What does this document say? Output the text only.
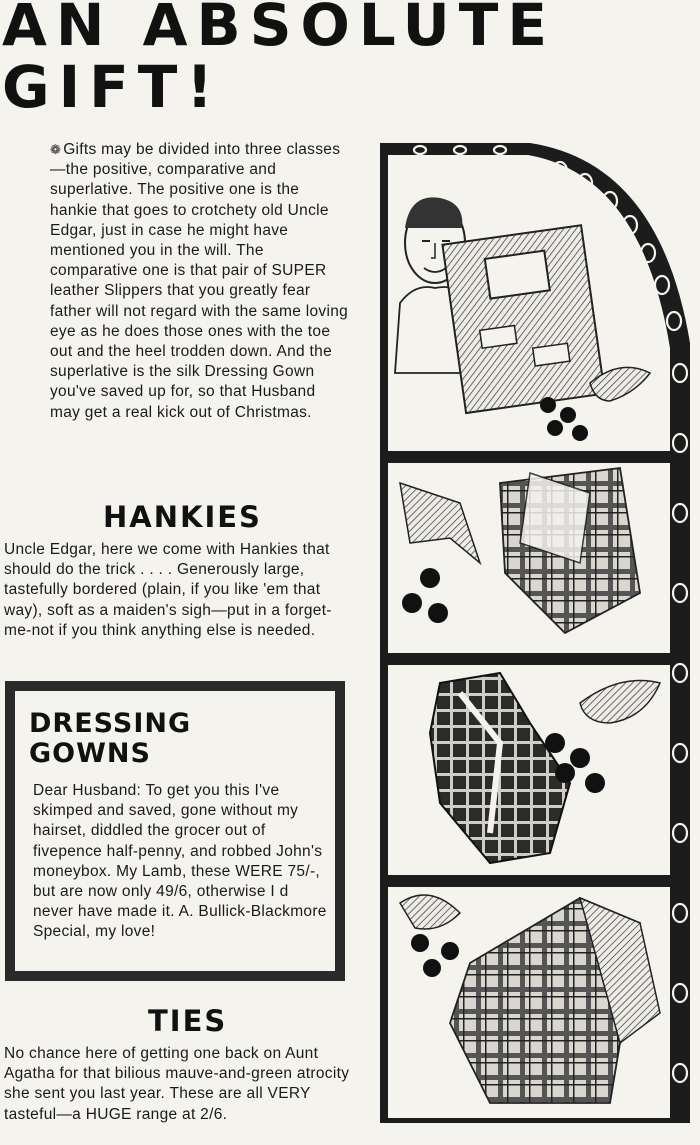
AN ABSOLUTE GIFT!

❁ Gifts may be divided into three classes—the positive, comparative and superlative. The positive one is the hankie that goes to crotchety old Uncle Edgar, just in case he might have mentioned you in the will. The comparative one is that pair of SUPER leather Slippers that you greatly fear father will not regard with the same loving eye as he does those ones with the toe out and the heel trodden down. And the superlative is the silk Dressing Gown you've saved up for, so that Husband may get a real kick out of Christmas.

HANKIES

Uncle Edgar, here we come with Hankies that should do the trick . . . . Generously large, tastefully bordered (plain, if you like 'em that way), soft as a maiden's sigh—put in a forget-me-not if you think anything else is needed.

DRESSING GOWNS

Dear Husband: To get you this I've skimped and saved, gone without my hairset, diddled the grocer out of fivepence half-penny, and robbed John's moneybox. My Lamb, these WERE 75/-, but are now only 49/6, otherwise I d never have made it. A. Bullick-Blackmore Special, my love!

TIES

No chance here of getting one back on Aunt Agatha for that bilious mauve-and-green atrocity she sent you last year. These are all VERY tasteful—a HUGE range at 2/6.
